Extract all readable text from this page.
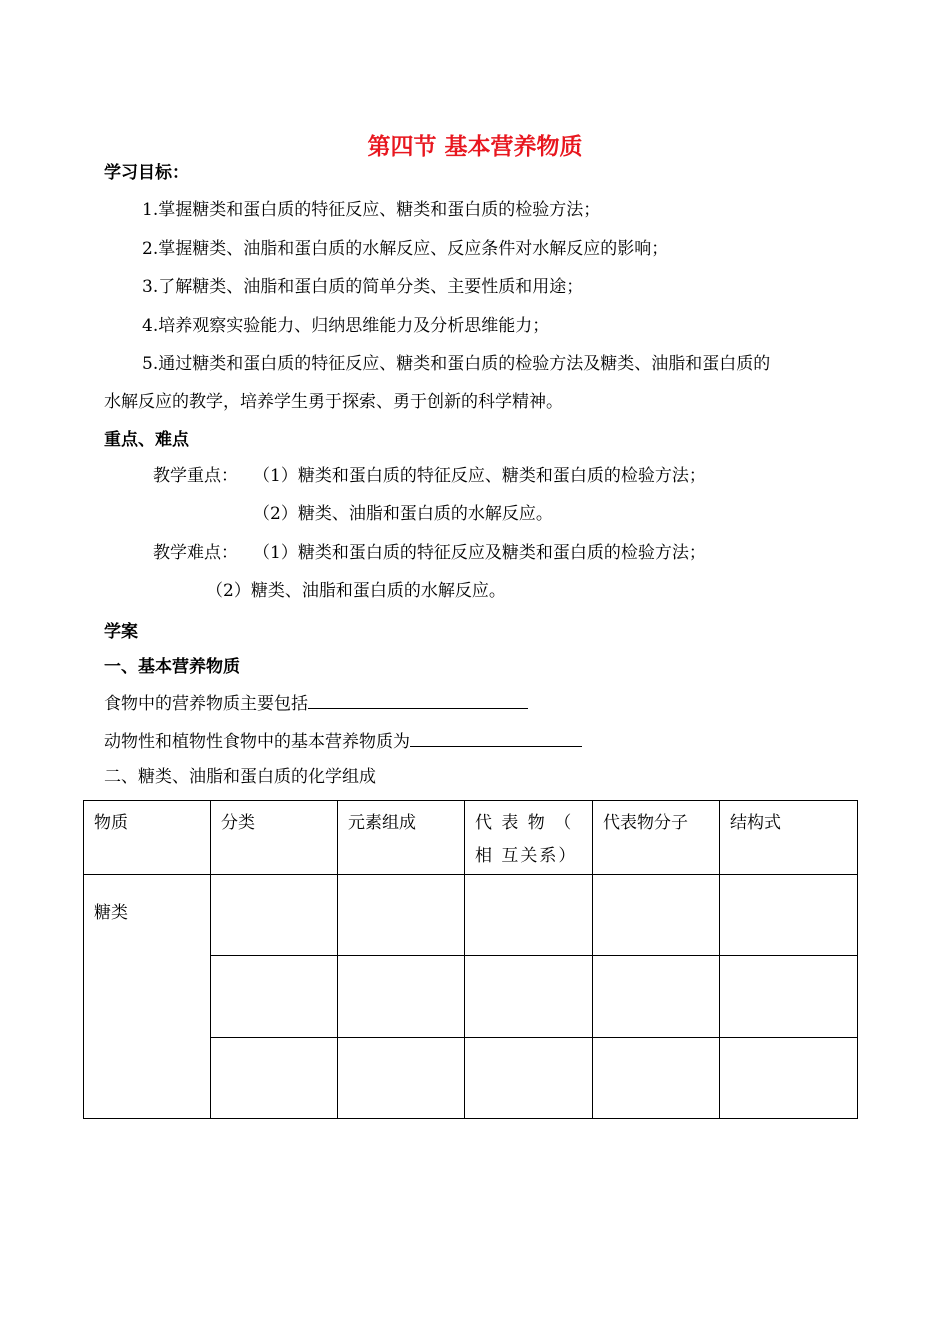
第四节 基本营养物质
学习目标：
1.掌握糖类和蛋白质的特征反应、糖类和蛋白质的检验方法；
2.掌握糖类、油脂和蛋白质的水解反应、反应条件对水解反应的影响；
3.了解糖类、油脂和蛋白质的简单分类、主要性质和用途；
4.培养观察实验能力、归纳思维能力及分析思维能力；
5.通过糖类和蛋白质的特征反应、糖类和蛋白质的检验方法及糖类、油脂和蛋白质的
水解反应的教学，培养学生勇于探索、勇于创新的科学精神。
重点、难点
教学重点： （1）糖类和蛋白质的特征反应、糖类和蛋白质的检验方法；
（2）糖类、油脂和蛋白质的水解反应。
教学难点： （1）糖类和蛋白质的特征反应及糖类和蛋白质的检验方法；
（2）糖类、油脂和蛋白质的水解反应。
学案
一、基本营养物质
食物中的营养物质主要包括
动物性和植物性食物中的基本营养物质为
二、糖类、油脂和蛋白质的化学组成
物质	分类	元素组成	代 表 物 （ 相 互关系）	代表物分子	结构式
糖类					
